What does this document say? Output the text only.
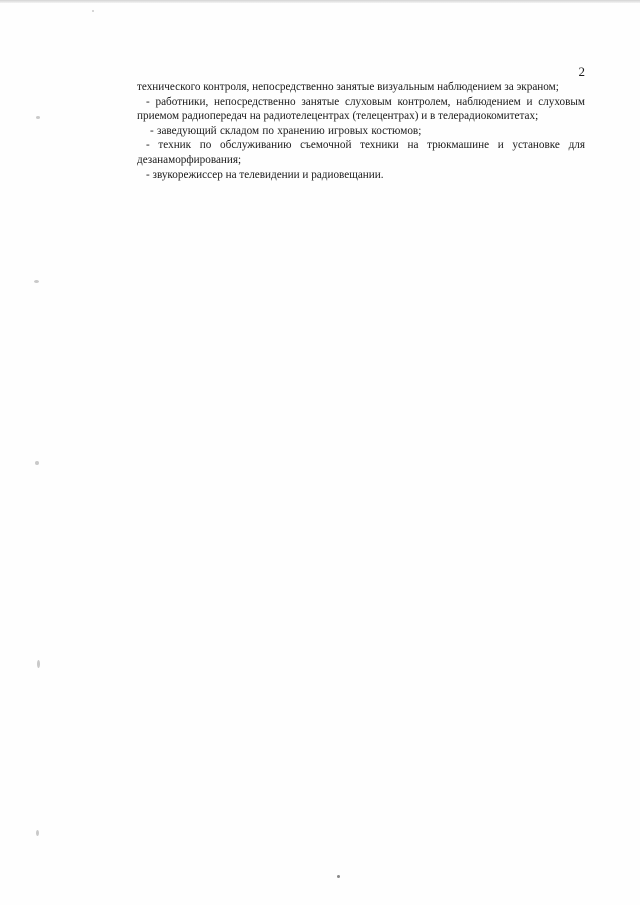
2

технического контроля, непосредственно занятые визуальным наблюдением за экраном;

- работники, непосредственно занятые слуховым контролем, наблюдением и слуховым приемом радиопередач на радиотелецентрах (телецентрах) и в телерадиокомитетах;

- заведующий складом по хранению игровых костюмов;

- техник по обслуживанию съемочной техники на трюкмашине и установке для дезанаморфирования;

- звукорежиссер на телевидении и радиовещании.
